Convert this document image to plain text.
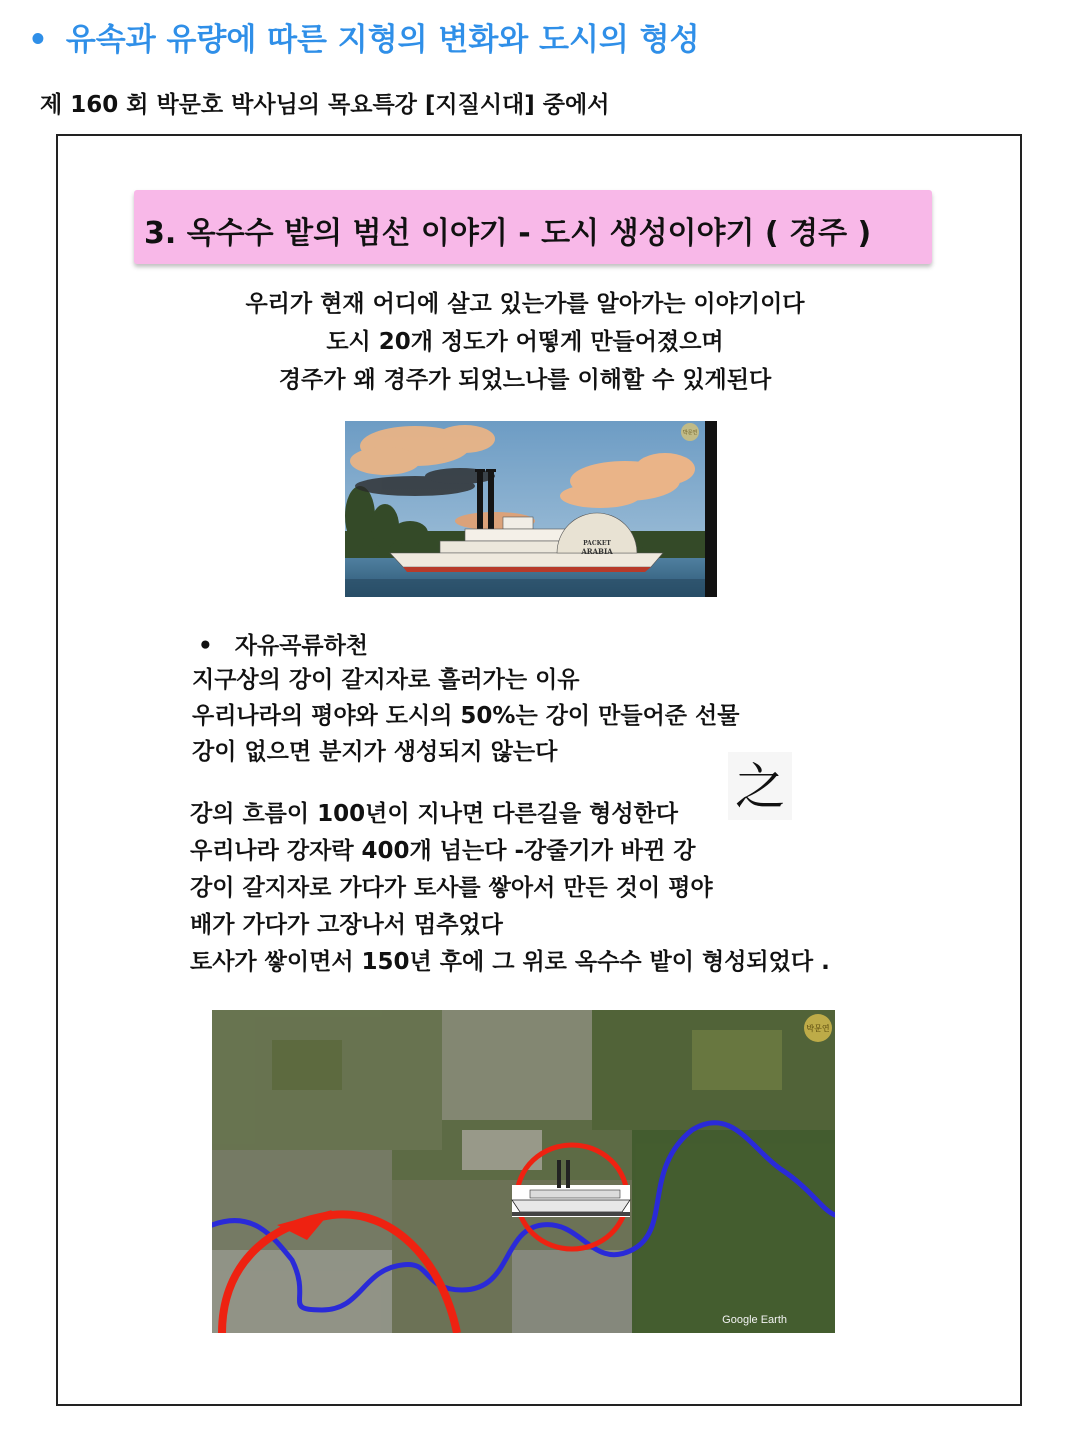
• 유속과 유량에 따른 지형의 변화와 도시의 형성
제 160 회 박문호 박사님의 목요특강 [지질시대] 중에서
3. 옥수수 밭의 범선 이야기 - 도시 생성이야기 ( 경주 )
우리가 현재 어디에 살고 있는가를 알아가는 이야기이다
도시 20개 정도가 어떻게 만들어졌으며
경주가 왜 경주가 되었느나를 이해할 수 있게된다
PACKET
ARABIA
박문연
• 자유곡류하천
지구상의 강이 갈지자로 흘러가는 이유
우리나라의 평야와 도시의 50%는 강이 만들어준 선물
강이 없으면 분지가 생성되지 않는다
之
강의 흐름이 100년이 지나면 다른길을 형성한다
우리나라 강자락 400개 넘는다 -강줄기가 바뀐 강
강이 갈지자로 가다가 토사를 쌓아서 만든 것이 평야
배가 가다가 고장나서 멈추었다
토사가 쌓이면서 150년 후에 그 위로 옥수수 밭이 형성되었다 .
박문연
Google Earth
